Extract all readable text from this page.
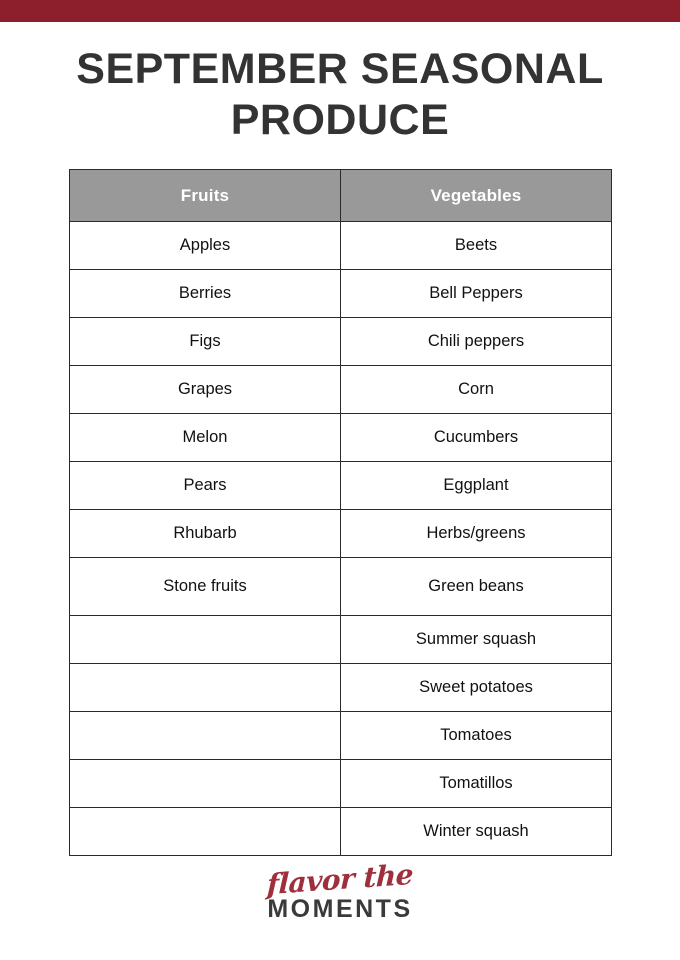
SEPTEMBER SEASONAL PRODUCE
Fruits	Vegetables
Apples	Beets
Berries	Bell Peppers
Figs	Chili peppers
Grapes	Corn
Melon	Cucumbers
Pears	Eggplant
Rhubarb	Herbs/greens
Stone fruits	Green beans
	Summer squash
	Sweet potatoes
	Tomatoes
	Tomatillos
	Winter squash
flavor the
MOMENTS
